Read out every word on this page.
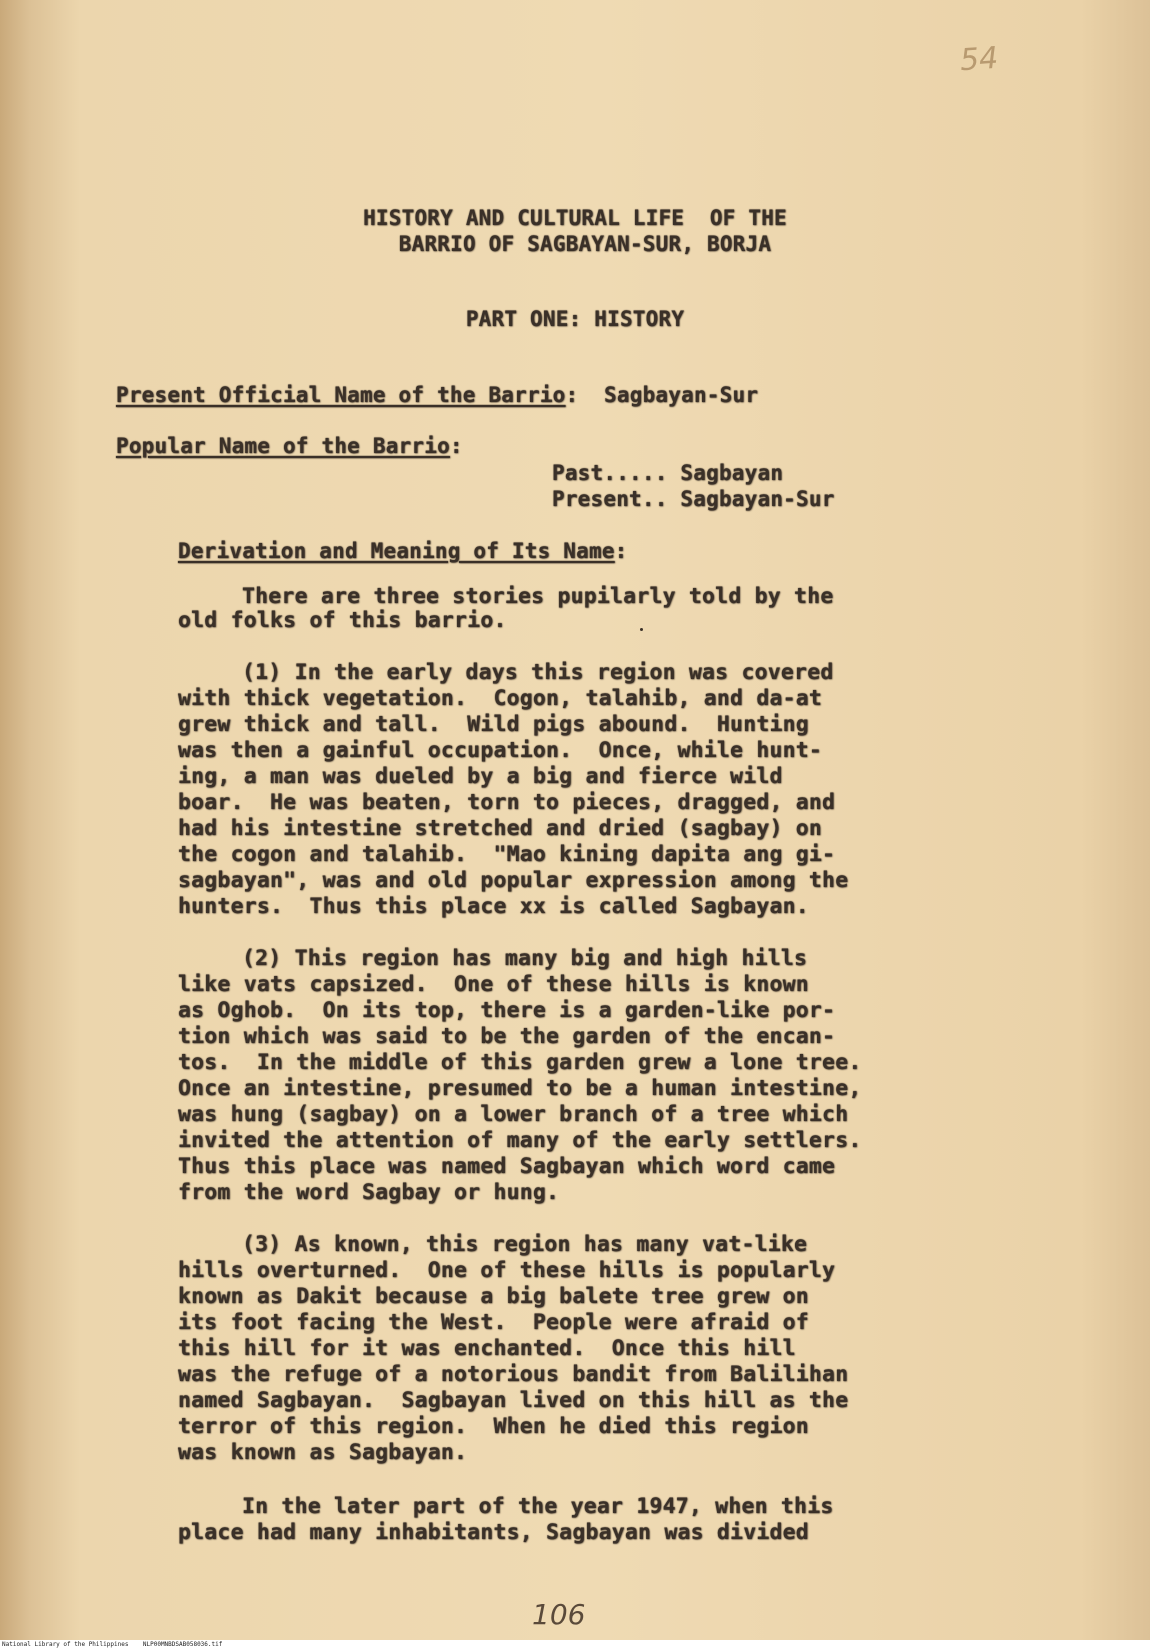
54
HISTORY AND CULTURAL LIFE  OF THE
BARRIO OF SAGBAYAN-SUR, BORJA
PART ONE: HISTORY
Present Official Name of the Barrio:  Sagbayan-Sur
Popular Name of the Barrio:
Past..... Sagbayan
Present.. Sagbayan-Sur
Derivation and Meaning of Its Name:
There are three stories pupilarly told by the
old folks of this barrio.
(1) In the early days this region was covered
with thick vegetation.  Cogon, talahib, and da-at
grew thick and tall.  Wild pigs abound.  Hunting
was then a gainful occupation.  Once, while hunt-
ing, a man was dueled by a big and fierce wild
boar.  He was beaten, torn to pieces, dragged, and
had his intestine stretched and dried (sagbay) on
the cogon and talahib.  "Mao kining dapita ang gi-
sagbayan", was and old popular expression among the
hunters.  Thus this place xx is called Sagbayan.
(2) This region has many big and high hills
like vats capsized.  One of these hills is known
as Oghob.  On its top, there is a garden-like por-
tion which was said to be the garden of the encan-
tos.  In the middle of this garden grew a lone tree.
Once an intestine, presumed to be a human intestine,
was hung (sagbay) on a lower branch of a tree which
invited the attention of many of the early settlers.
Thus this place was named Sagbayan which word came
from the word Sagbay or hung.
(3) As known, this region has many vat-like
hills overturned.  One of these hills is popularly
known as Dakit because a big balete tree grew on
its foot facing the West.  People were afraid of
this hill for it was enchanted.  Once this hill
was the refuge of a notorious bandit from Balilihan
named Sagbayan.  Sagbayan lived on this hill as the
terror of this region.  When he died this region
was known as Sagbayan.
In the later part of the year 1947, when this
place had many inhabitants, Sagbayan was divided
106
National Library of the Philippines    NLP00MNBDSAB058036.tif
